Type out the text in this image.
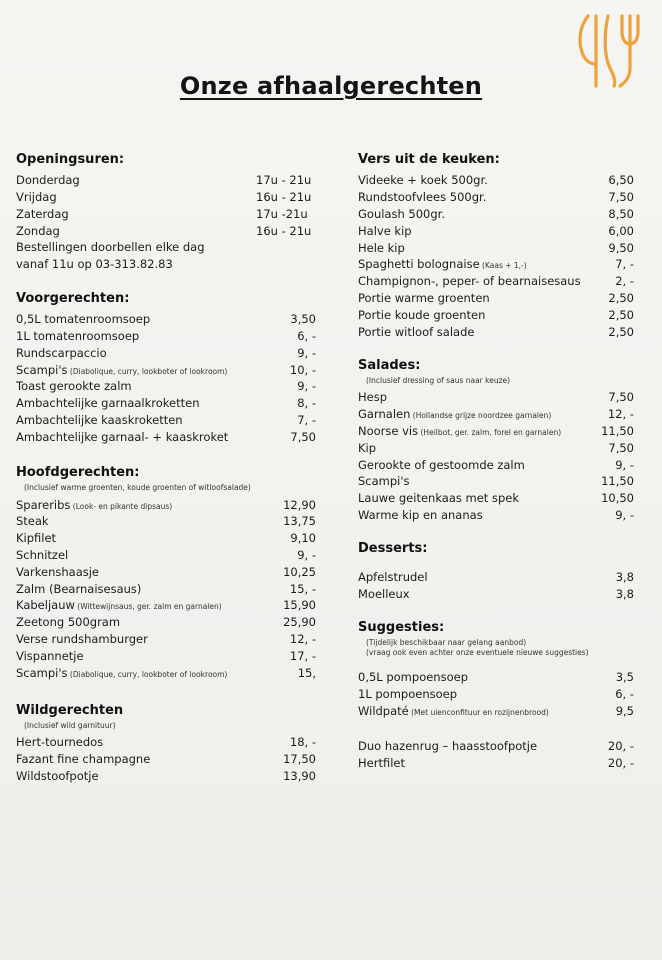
Onze afhaalgerechten
Openingsuren:
Donderdag	17u - 21u
Vrijdag	16u - 21u
Zaterdag	17u -21u
Zondag	16u - 21u
Bestellingen doorbellen elke dag
vanaf 11u op 03-313.82.83
Voorgerechten:
0,5L tomatenroomsoep	3,50
1L tomatenroomsoep	6, -
Rundscarpaccio	9, -
Scampi's (Diabolique, curry, lookboter of lookroom)	10, -
Toast gerookte zalm	9, -
Ambachtelijke garnaalkroketten	8, -
Ambachtelijke kaaskroketten	7, -
Ambachtelijke garnaal- + kaaskroket	7,50
Hoofdgerechten:
(Inclusief warme groenten, koude groenten of witloofsalade)
Spareribs (Look- en pikante dipsaus)	12,90
Steak	13,75
Kipfilet	9,10
Schnitzel	9, -
Varkenshaasje	10,25
Zalm (Bearnaisesaus)	15, -
Kabeljauw (Wittewijnsaus, ger. zalm en garnalen)	15,90
Zeetong 500gram	25,90
Verse rundshamburger	12, -
Vispannetje	17, -
Scampi's (Diabolique, curry, lookboter of lookroom)	15,
Wildgerechten
(Inclusief wild garnituur)
Hert-tournedos	18, -
Fazant fine champagne	17,50
Wildstoofpotje	13,90
Vers uit de keuken:
Videeke + koek 500gr.	6,50
Rundstoofvlees 500gr.	7,50
Goulash 500gr.	8,50
Halve kip	6,00
Hele kip	9,50
Spaghetti bolognaise (Kaas + 1,-)	7, -
Champignon-, peper- of bearnaisesaus	2, -
Portie warme groenten	2,50
Portie koude groenten	2,50
Portie witloof salade	2,50
Salades:
(Inclusief dressing of saus naar keuze)
Hesp	7,50
Garnalen (Hollandse grijze noordzee garnalen)	12, -
Noorse vis (Heilbot, ger. zalm, forel en garnalen)	11,50
Kip	7,50
Gerookte of gestoomde zalm	9, -
Scampi's	11,50
Lauwe geitenkaas met spek	10,50
Warme kip en ananas	9, -
Desserts:
Apfelstrudel	3,8
Moelleux	3,8
Suggesties:
(Tijdelijk beschikbaar naar gelang aanbod)
(vraag ook even achter onze eventuele nieuwe suggesties)
0,5L pompoensoep	3,5
1L pompoensoep	6, -
Wildpaté (Met uienconfituur en rozijnenbrood)	9,5
Duo hazenrug – haasstoofpotje	20, -
Hertfilet	20, -
